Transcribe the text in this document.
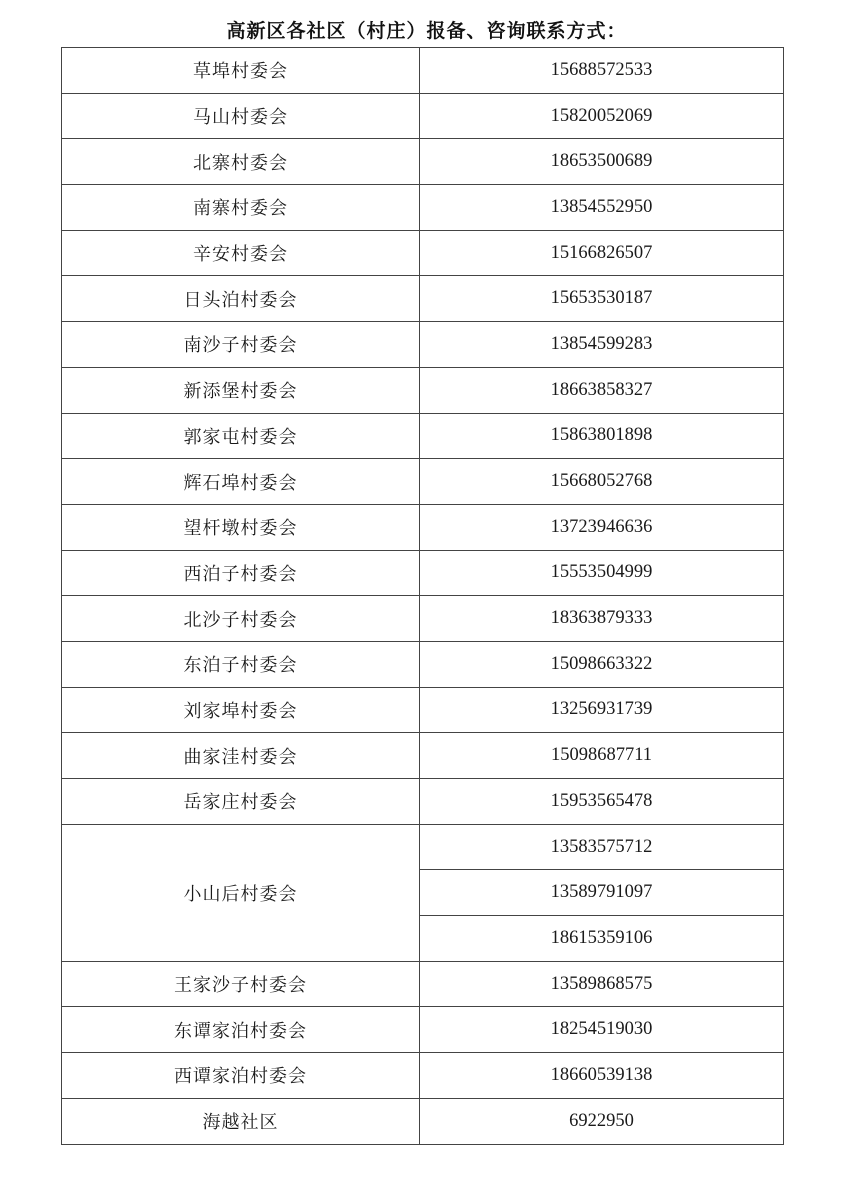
高新区各社区（村庄）报备、咨询联系方式：
草埠村委会	15688572533
马山村委会	15820052069
北寨村委会	18653500689
南寨村委会	13854552950
辛安村委会	15166826507
日头泊村委会	15653530187
南沙子村委会	13854599283
新添堡村委会	18663858327
郭家屯村委会	15863801898
辉石埠村委会	15668052768
望杆墩村委会	13723946636
西泊子村委会	15553504999
北沙子村委会	18363879333
东泊子村委会	15098663322
刘家埠村委会	13256931739
曲家洼村委会	15098687711
岳家庄村委会	15953565478
小山后村委会	13583575712
	13589791097
	18615359106
王家沙子村委会	13589868575
东谭家泊村委会	18254519030
西谭家泊村委会	18660539138
海越社区	6922950
